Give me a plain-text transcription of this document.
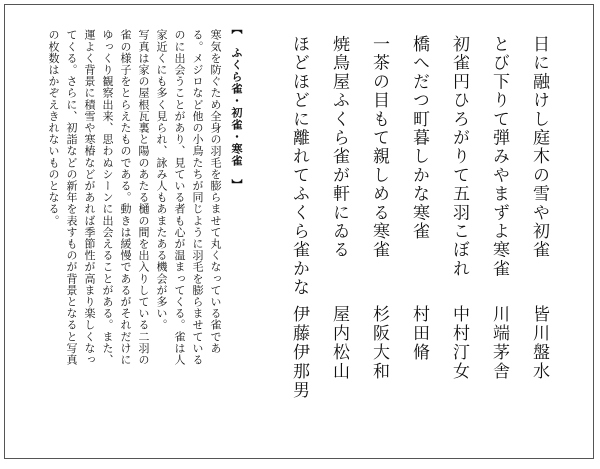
日に融けし庭木の雪や初雀
とび下りて弾みやまずよ寒雀
初雀円ひろがりて五羽こぼれ
橋へだつ町暮しかな寒雀
一茶の目もて親しめる寒雀
焼鳥屋ふくら雀が軒にゐる
ほどほどに離れてふくら雀かな
皆川盤水
川端茅舎
中村汀女
村田脩
杉阪大和
屋内松山
伊藤伊那男
【　ふくら雀・初雀・寒雀　】
寒気を防ぐため全身の羽毛を膨らませて丸くなっている雀であ
る。メジロなど他の小鳥たちが同じように羽毛を膨らませている
のに出会うことがあり、見ている者も心が温まってくる。雀は人
家近くにも多く見られ、詠み人もあまたある機会が多い。
写真は家の屋根瓦裏と陽のあたる樋の間を出入りしている二羽の
雀の様子をとらえたものである。動きは緩慢であるがそれだけに
ゆっくり観察出来、思わぬシーンに出会えることがある。また、
運よく背景に積雪や寒椿などがあれば季節性が高まり楽しくなっ
てくる。さらに、初詣などの新年を表すものが背景となると写真
の枚数はかぞえきれないものとなる。
